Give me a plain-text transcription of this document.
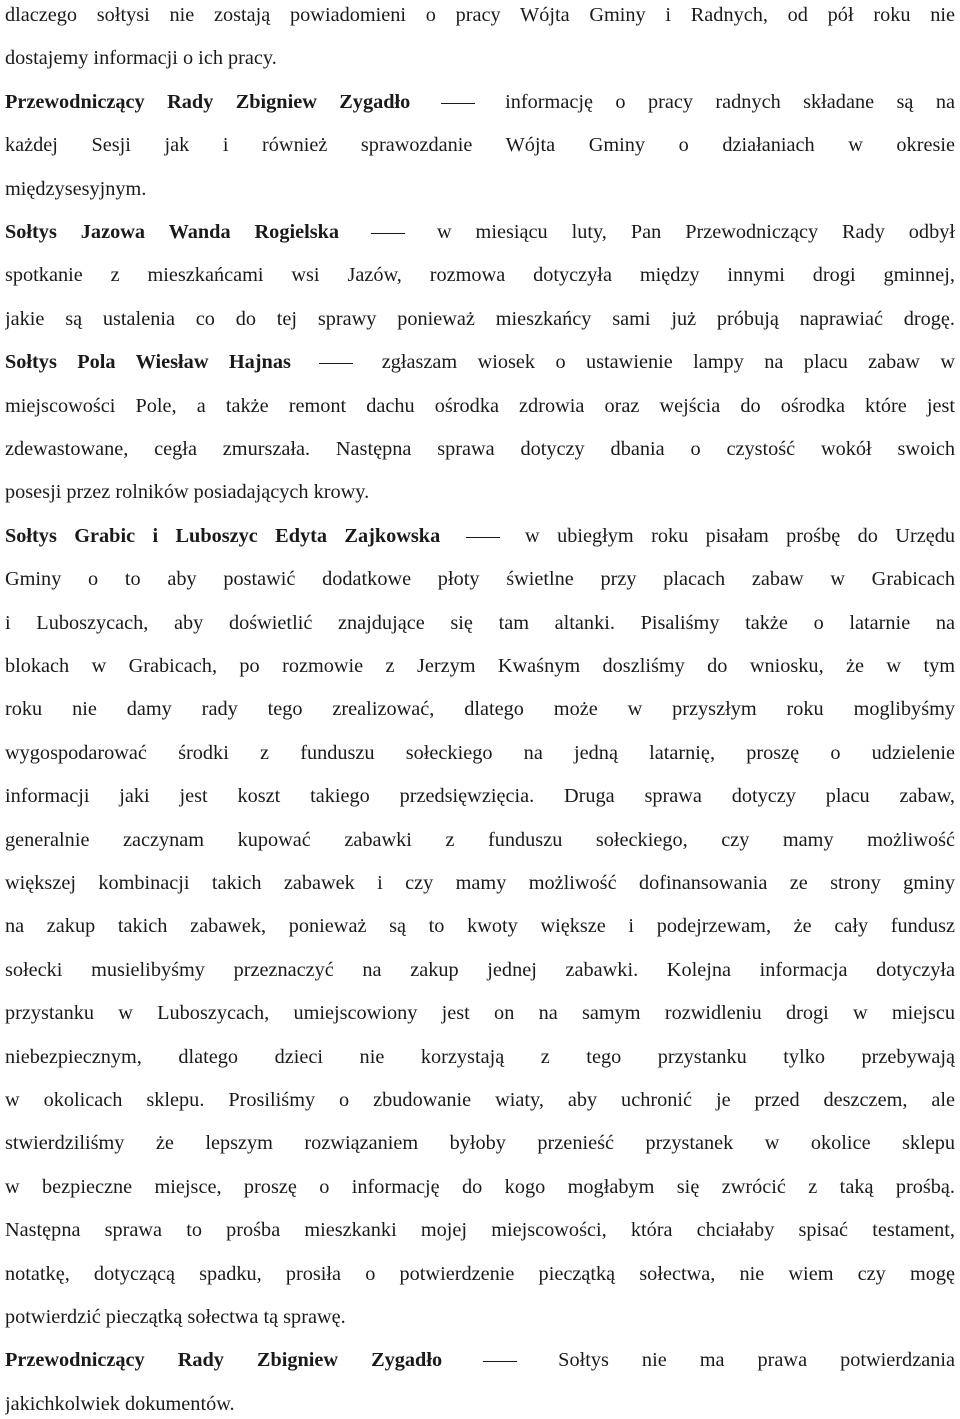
dlaczego sołtysi nie zostają powiadomieni o pracy Wójta Gminy i Radnych, od pół roku nie
dostajemy informacji o ich pracy.
Przewodniczący Rady Zbigniew Zygadło	informację o pracy radnych składane są na
każdej Sesji jak i również sprawozdanie Wójta Gminy o działaniach w okresie
międzysesyjnym.
Sołtys Jazowa Wanda Rogielska	w miesiącu luty, Pan Przewodniczący Rady odbył
spotkanie z mieszkańcami wsi Jazów, rozmowa dotyczyła między innymi drogi gminnej,
jakie są ustalenia co do tej sprawy ponieważ mieszkańcy sami już próbują naprawiać drogę.
Sołtys Pola Wiesław Hajnas	zgłaszam wiosek o ustawienie lampy na placu zabaw w
miejscowości Pole, a także remont dachu ośrodka zdrowia oraz wejścia do ośrodka które jest
zdewastowane, cegła zmurszała. Następna sprawa dotyczy dbania o czystość wokół swoich
posesji przez rolników posiadających krowy.
Sołtys Grabic i Luboszyc Edyta Zajkowska	w ubiegłym roku pisałam prośbę do Urzędu
Gminy o to aby postawić dodatkowe płoty świetlne przy placach zabaw w Grabicach
i Luboszycach, aby doświetlić znajdujące się tam altanki. Pisaliśmy także o latarnie na
blokach w Grabicach, po rozmowie z Jerzym Kwaśnym doszliśmy do wniosku, że w tym
roku nie damy rady tego zrealizować, dlatego może w przyszłym roku moglibyśmy
wygospodarować środki z funduszu sołeckiego na jedną latarnię, proszę o udzielenie
informacji jaki jest koszt takiego przedsięwzięcia. Druga sprawa dotyczy placu zabaw,
generalnie zaczynam kupować zabawki z funduszu sołeckiego, czy mamy możliwość
większej kombinacji takich zabawek i czy mamy możliwość dofinansowania ze strony gminy
na zakup takich zabawek, ponieważ są to kwoty większe i podejrzewam, że cały fundusz
sołecki musielibyśmy przeznaczyć na zakup jednej zabawki. Kolejna informacja dotyczyła
przystanku w Luboszycach, umiejscowiony jest on na samym rozwidleniu drogi w miejscu
niebezpiecznym, dlatego dzieci nie korzystają z tego przystanku tylko przebywają
w okolicach sklepu. Prosiliśmy o zbudowanie wiaty, aby uchronić je przed deszczem, ale
stwierdziliśmy że lepszym rozwiązaniem byłoby przenieść przystanek w okolice sklepu
w bezpieczne miejsce, proszę o informację do kogo mogłabym się zwrócić z taką prośbą.
Następna sprawa to prośba mieszkanki mojej miejscowości, która chciałaby spisać testament,
notatkę, dotyczącą spadku, prosiła o potwierdzenie pieczątką sołectwa, nie wiem czy mogę
potwierdzić pieczątką sołectwa tą sprawę.
Przewodniczący Rady Zbigniew Zygadło	Sołtys nie ma prawa potwierdzania
jakichkolwiek dokumentów.
